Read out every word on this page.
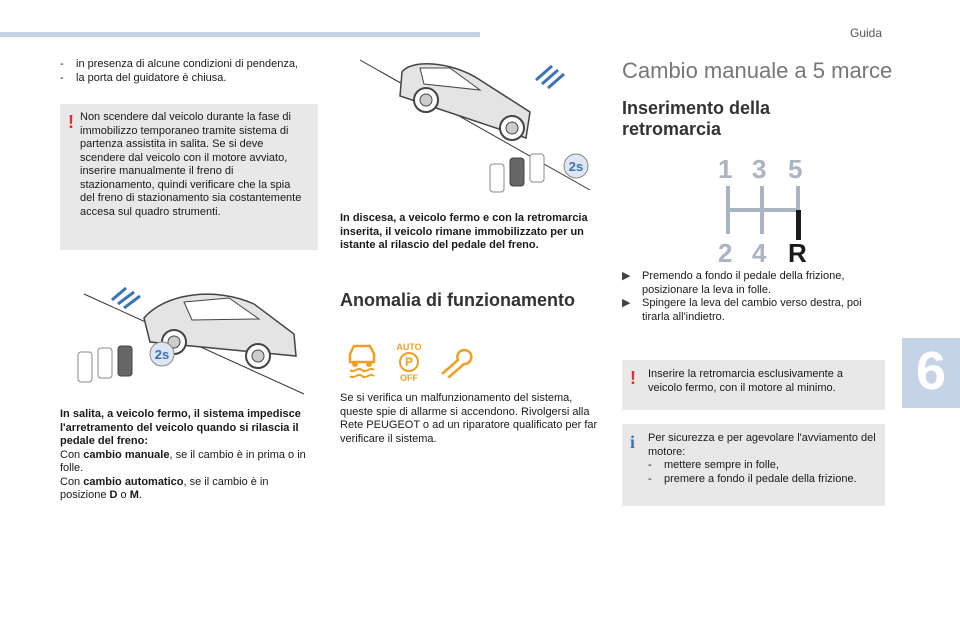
Guida
6
-	in presenza di alcune condizioni di pendenza,
-	la porta del guidatore è chiusa.
! Non scendere dal veicolo durante la fase di immobilizzo temporaneo tramite sistema di partenza assistita in salita. Se si deve scendere dal veicolo con il motore avviato, inserire manualmente il freno di stazionamento, quindi verificare che la spia del freno di stazionamento sia costantemente accesa sul quadro strumenti.
2s
In salita, a veicolo fermo, il sistema impedisce l'arretramento del veicolo quando si rilascia il pedale del freno:
Con cambio manuale, se il cambio è in prima o in folle.
Con cambio automatico, se il cambio è in posizione D o M.
2s
In discesa, a veicolo fermo e con la retromarcia inserita, il veicolo rimane immobilizzato per un istante al rilascio del pedale del freno.
Anomalia di funzionamento
AUTO
P
OFF
Se si verifica un malfunzionamento del sistema, queste spie di allarme si accendono. Rivolgersi alla Rete PEUGEOT o ad un riparatore qualificato per far verificare il sistema.
Cambio manuale a 5 marce
Inserimento della retromarcia
1 3 5
2 4 R
▶	Premendo a fondo il pedale della frizione, posizionare la leva in folle.
▶	Spingere la leva del cambio verso destra, poi tirarla all'indietro.
! Inserire la retromarcia esclusivamente a veicolo fermo, con il motore al minimo.
i Per sicurezza e per agevolare l'avviamento del motore:
-	mettere sempre in folle,
-	premere a fondo il pedale della frizione.
